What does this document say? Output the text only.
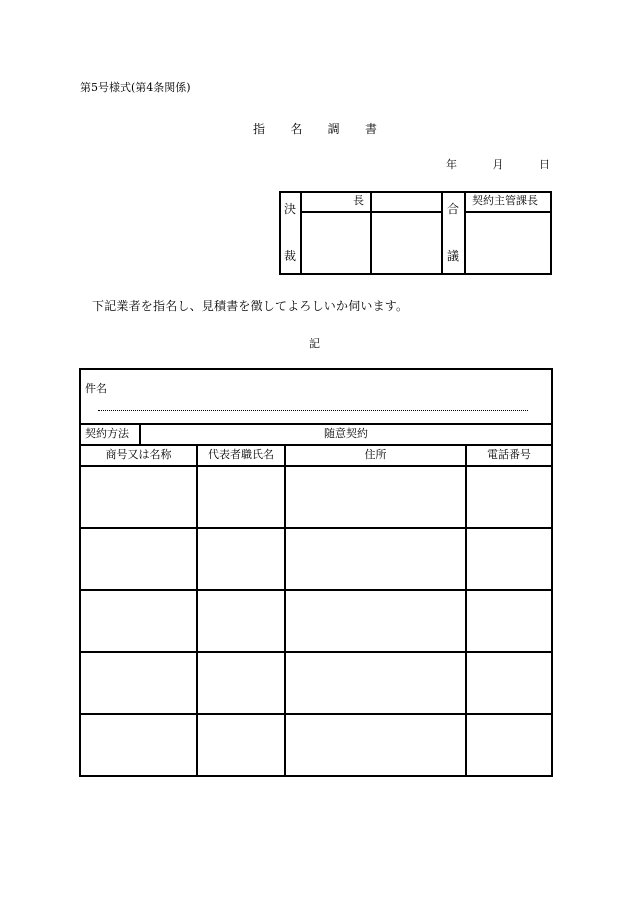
第5号様式(第4条関係)
指 名 調 書
年	月	日
決
裁
長
合
議
契約主管課長
下記業者を指名し、見積書を徴してよろしいか伺います。
記
件名
契約方法	随意契約
商号又は名称	代表者職氏名	住所	電話番号
